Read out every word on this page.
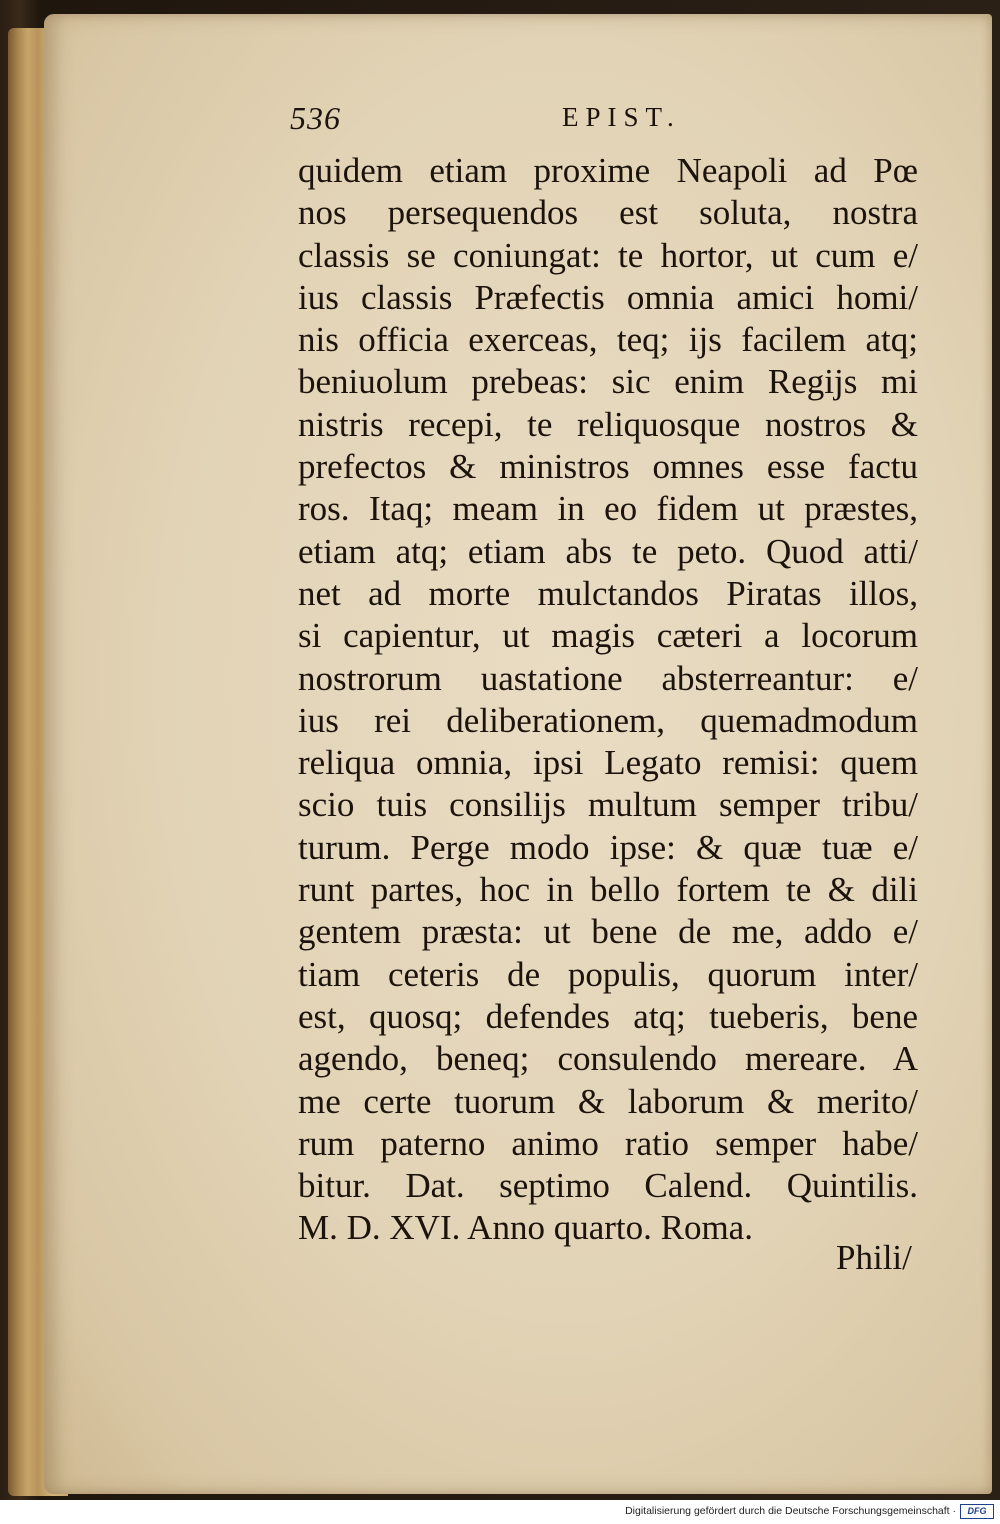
536	EPIST.
quidem etiam proxime Neapoli ad Pœ
nos persequendos est soluta, nostra
classis se coniungat: te hortor, ut cum e/
ius classis Præfectis omnia amici homi/
nis officia exerceas, teq; ijs facilem atq;
beniuolum prebeas: sic enim Regijs mi
nistris recepi, te reliquosque nostros &
prefectos & ministros omnes esse factu
ros. Itaq; meam in eo fidem ut præstes,
etiam atq; etiam abs te peto. Quod atti/
net ad morte mulctandos Piratas illos,
si capientur, ut magis cæteri a locorum
nostrorum uastatione absterreantur: e/
ius rei deliberationem, quemadmodum
reliqua omnia, ipsi Legato remisi: quem
scio tuis consilijs multum semper tribu/
turum. Perge modo ipse: & quæ tuæ e/
runt partes, hoc in bello fortem te & dili
gentem præsta: ut bene de me, addo e/
tiam ceteris de populis, quorum inter/
est, quosq; defendes atq; tueberis, bene
agendo, beneq; consulendo mereare. A
me certe tuorum & laborum & merito/
rum paterno animo ratio semper habe/
bitur. Dat. septimo Calend. Quintilis.
M. D. XVI. Anno quarto. Roma.
Phili/
Digitalisierung gefördert durch die Deutsche Forschungsgemeinschaft ·	DFG
